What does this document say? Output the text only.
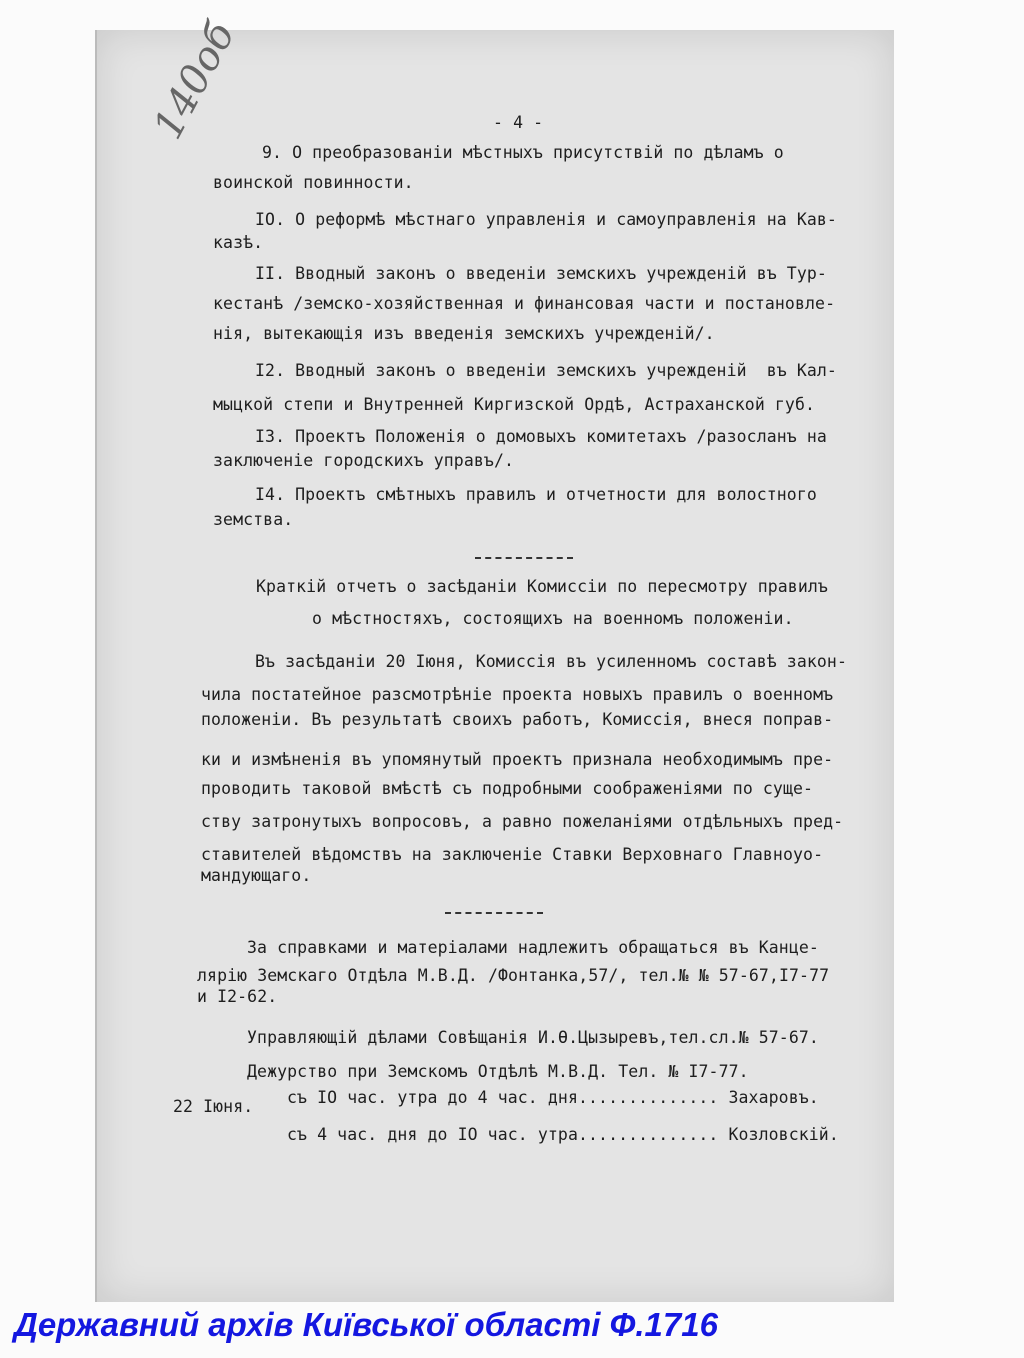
140об	- 4 -
9. О преобразованіи мѣстныхъ присутствій по дѣламъ о
воинской повинности.
IО. О реформѣ мѣстнаго управленія и самоуправленія на Кав-
казѣ.
II. Вводный законъ о введеніи земскихъ учрежденій въ Тур-
кестанѣ /земско-хозяйственная и финансовая части и постановле-
нія, вытекающія изъ введенія земскихъ учрежденій/.
I2. Вводный законъ о введеніи земскихъ учрежденій  въ Кал-
мыцкой степи и Внутренней Киргизской Ордѣ, Астраханской губ.
I3. Проектъ Положенія о домовыхъ комитетахъ /разосланъ на
заключеніе городскихъ управъ/.
I4. Проектъ смѣтныхъ правилъ и отчетности для волостного
земства.
Краткій отчетъ о засѣданіи Комиссіи по пересмотру правилъ
о мѣстностяхъ, состоящихъ на военномъ положеніи.
Въ засѣданіи 20 Іюня, Комиссія въ усиленномъ составѣ закон-
чила постатейное разсмотрѣніе проекта новыхъ правилъ о военномъ
положеніи. Въ результатѣ своихъ работъ, Комиссія, внеся поправ-
ки и измѣненія въ упомянутый проектъ признала необходимымъ пре-
проводить таковой вмѣстѣ съ подробными соображеніями по суще-
ству затронутыхъ вопросовъ, а равно пожеланіями отдѣльныхъ пред-
ставителей вѣдомствъ на заключеніе Ставки Верховнаго Главноуо-
мандующаго.
За справками и матеріалами надлежитъ обращаться въ Канце-
лярію Земскаго Отдѣла М.В.Д. /Фонтанка,57/, тел.№ № 57-67,I7-77
и I2-62.
Управляющій дѣлами Совѣщанія И.Ѳ.Цызыревъ,тел.сл.№ 57-67.
Дежурство при Земскомъ Отдѣлѣ М.В.Д. Тел. № I7-77.
22 Іюня. съ IО час. утра до 4 час. дня.............. Захаровъ.
съ 4 час. дня до IО час. утра.............. Козловскій.
Державний архів Київської області Ф.1716
